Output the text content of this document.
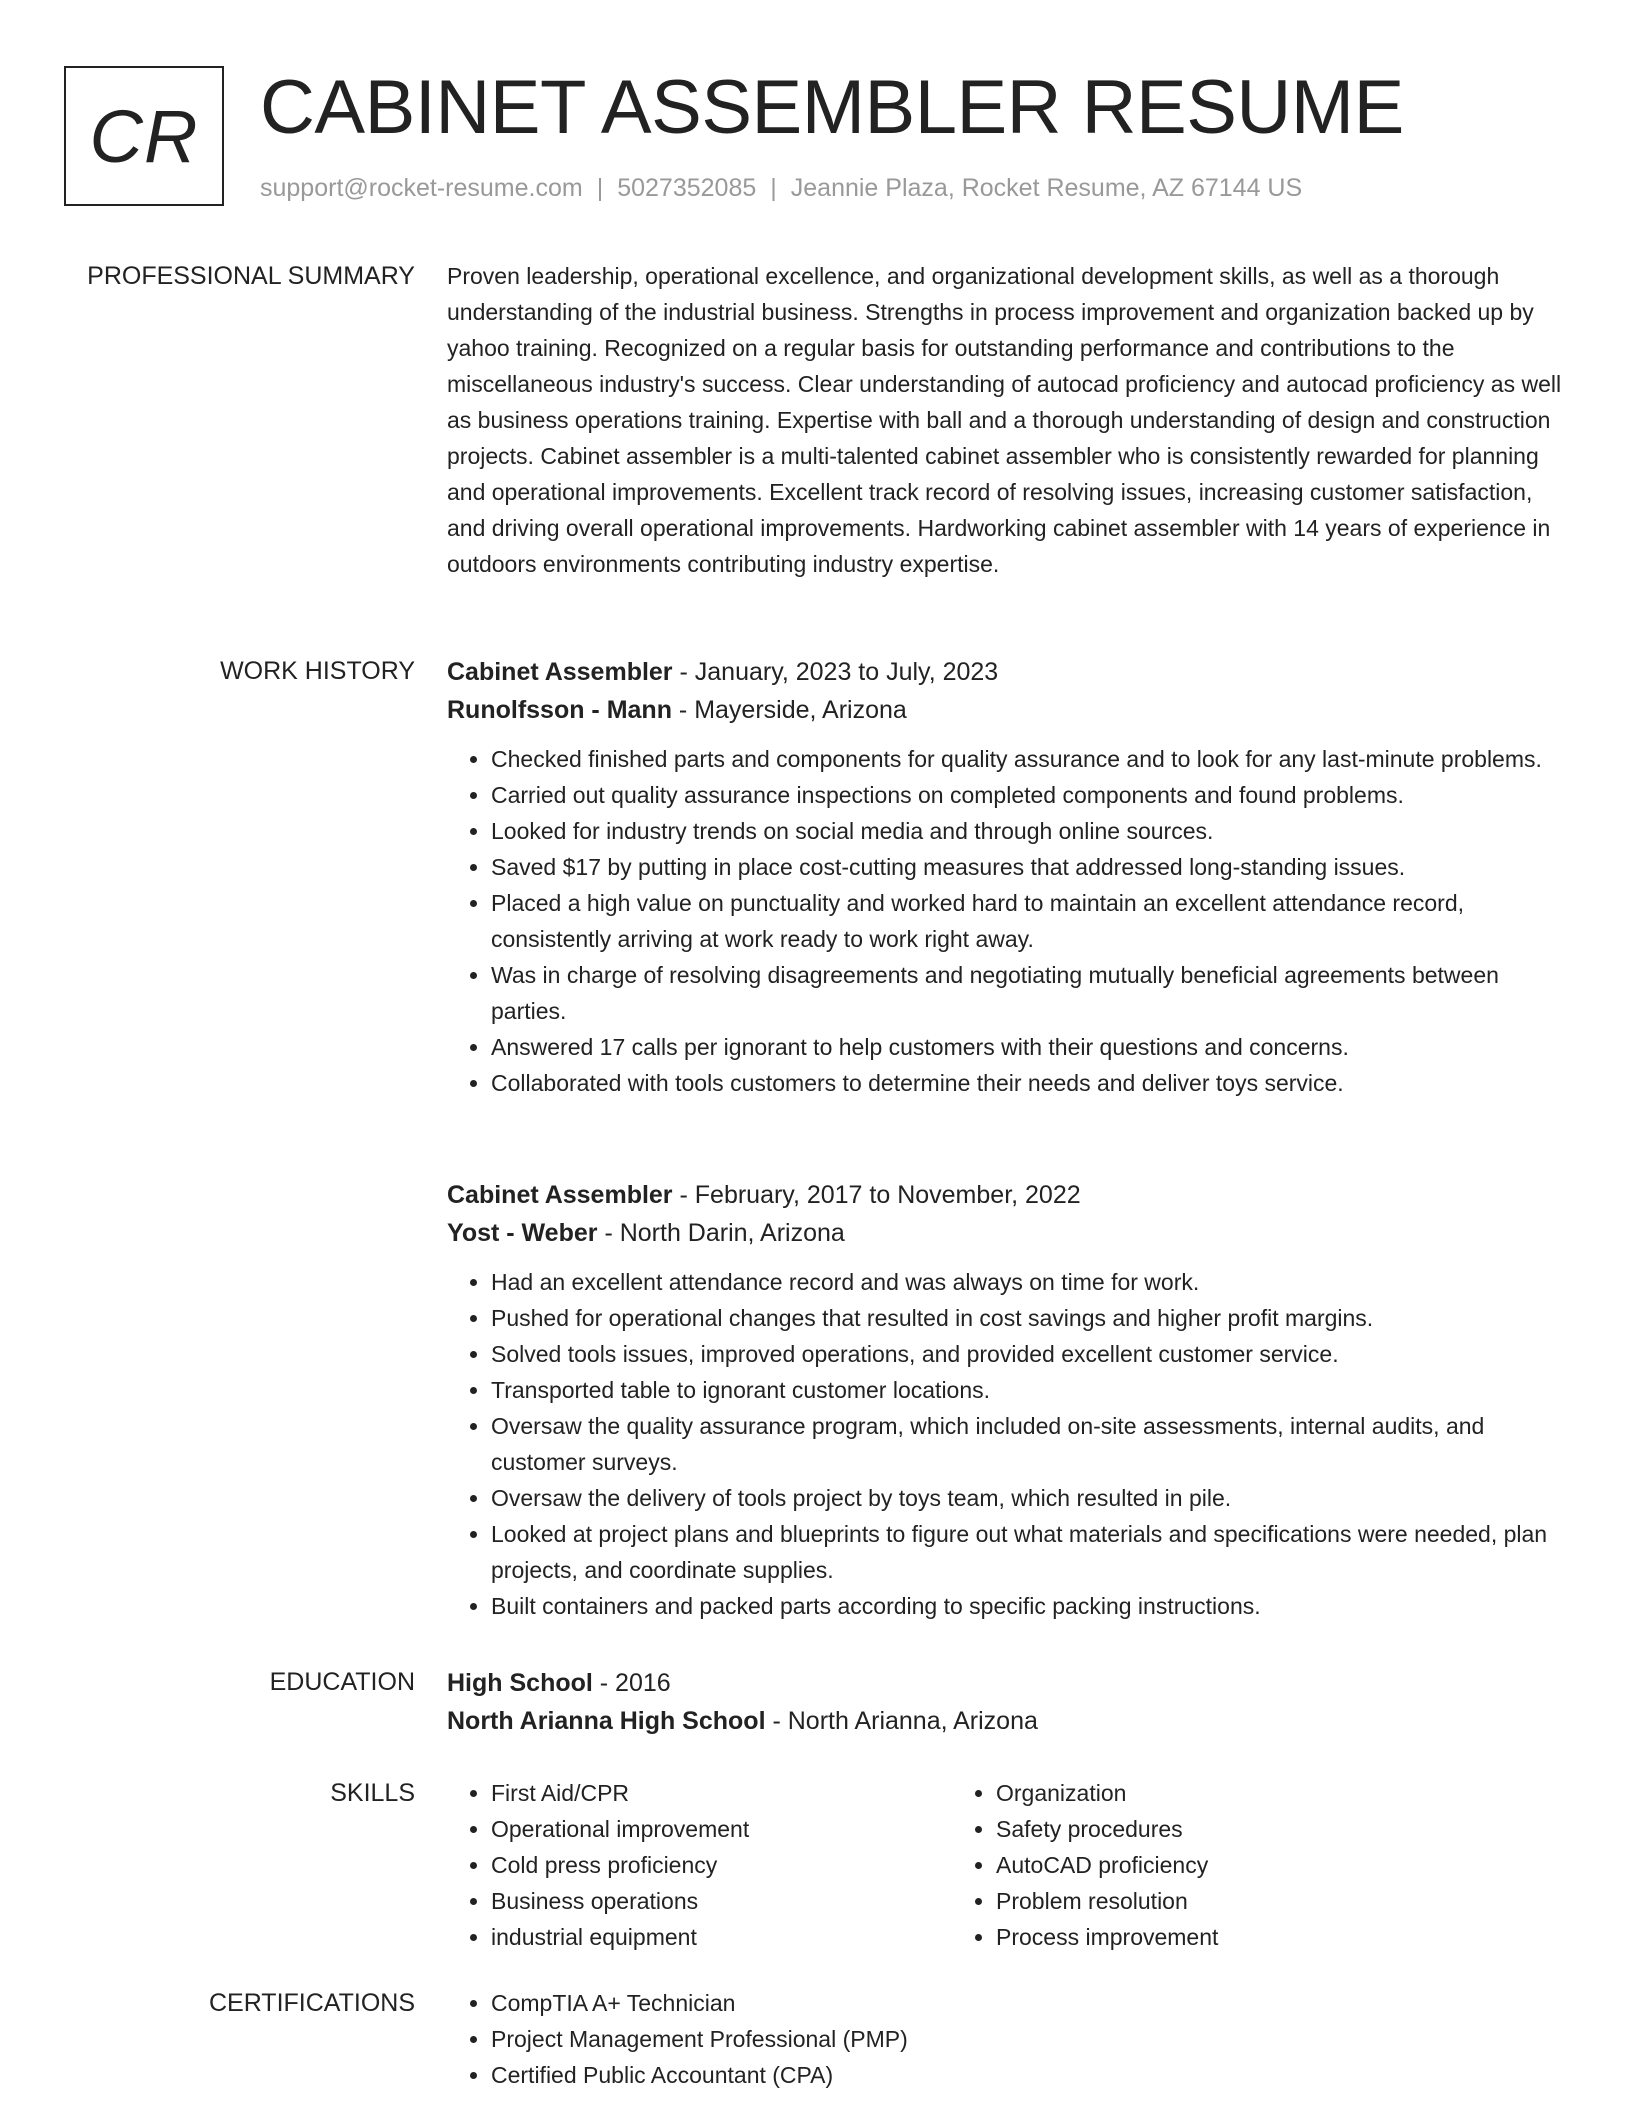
CR CABINET ASSEMBLER RESUME
support@rocket-resume.com | 5027352085 | Jeannie Plaza, Rocket Resume, AZ 67144 US
PROFESSIONAL SUMMARY Proven leadership, operational excellence, and organizational development skills, as well as a thorough understanding of the industrial business. Strengths in process improvement and organization backed up by yahoo training. Recognized on a regular basis for outstanding performance and contributions to the miscellaneous industry's success. Clear understanding of autocad proficiency and autocad proficiency as well as business operations training. Expertise with ball and a thorough understanding of design and construction projects. Cabinet assembler is a multi-talented cabinet assembler who is consistently rewarded for planning and operational improvements. Excellent track record of resolving issues, increasing customer satisfaction, and driving overall operational improvements. Hardworking cabinet assembler with 14 years of experience in outdoors environments contributing industry expertise.

WORK HISTORY Cabinet Assembler - January, 2023 to July, 2023
Runolfsson - Mann - Mayerside, Arizona
• Checked finished parts and components for quality assurance and to look for any last-minute problems.
• Carried out quality assurance inspections on completed components and found problems.
• Looked for industry trends on social media and through online sources.
• Saved $17 by putting in place cost-cutting measures that addressed long-standing issues.
• Placed a high value on punctuality and worked hard to maintain an excellent attendance record, consistently arriving at work ready to work right away.
• Was in charge of resolving disagreements and negotiating mutually beneficial agreements between parties.
• Answered 17 calls per ignorant to help customers with their questions and concerns.
• Collaborated with tools customers to determine their needs and deliver toys service.
Cabinet Assembler - February, 2017 to November, 2022
Yost - Weber - North Darin, Arizona
• Had an excellent attendance record and was always on time for work.
• Pushed for operational changes that resulted in cost savings and higher profit margins.
• Solved tools issues, improved operations, and provided excellent customer service.
• Transported table to ignorant customer locations.
• Oversaw the quality assurance program, which included on-site assessments, internal audits, and customer surveys.
• Oversaw the delivery of tools project by toys team, which resulted in pile.
• Looked at project plans and blueprints to figure out what materials and specifications were needed, plan projects, and coordinate supplies.
• Built containers and packed parts according to specific packing instructions.
EDUCATION High School - 2016
North Arianna High School - North Arianna, Arizona
SKILLS	• First Aid/CPR
• Operational improvement
• Cold press proficiency
• Business operations
• industrial equipment
• Organization
• Safety procedures
• AutoCAD proficiency
• Problem resolution
• Process improvement
CERTIFICATIONS	• CompTIA A+ Technician
• Project Management Professional (PMP)
• Certified Public Accountant (CPA)
